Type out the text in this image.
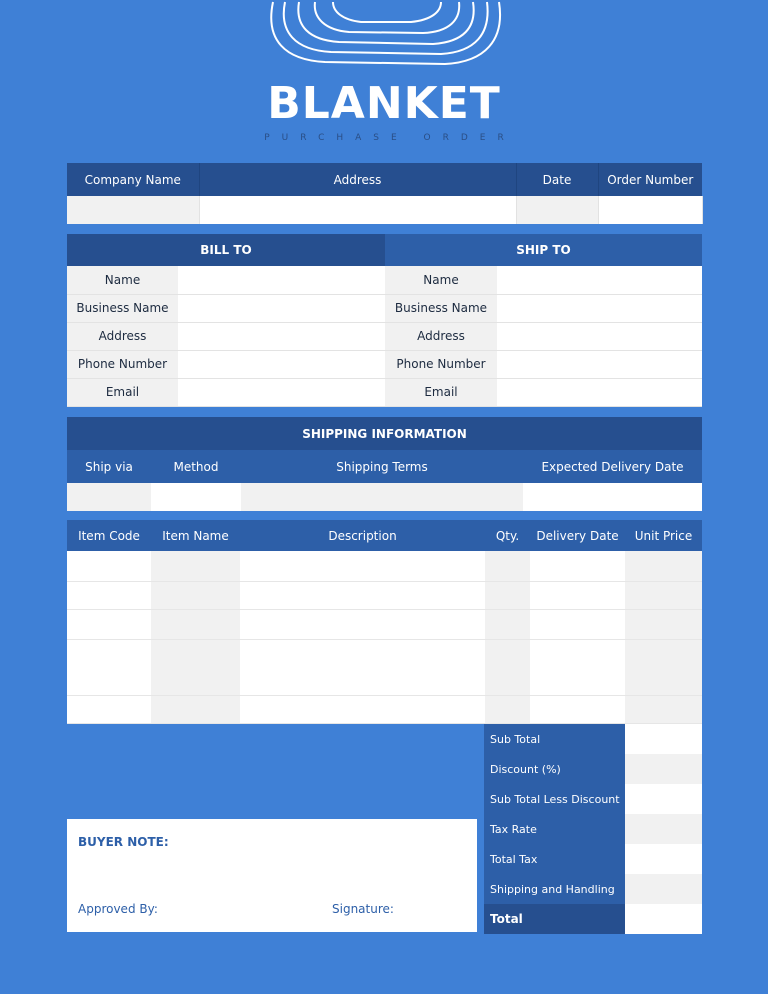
BLANKET
PURCHASE ORDER
Company Name	Address	Date	Order Number

BILL TO		SHIP TO	
Name		Name	
Business Name		Business Name	
Address		Address	
Phone Number		Phone Number	
Email		Email	
SHIPPING INFORMATION			
Ship via	Method	Shipping Terms	Expected Delivery Date

Item Code	Item Name	Description	Qty.	Delivery Date	Unit Price

Sub Total	
Discount (%)	
Sub Total Less Discount	
Tax Rate	
Total Tax	
Shipping and Handling	
Total	
BUYER NOTE:
Approved By:	Signature:
